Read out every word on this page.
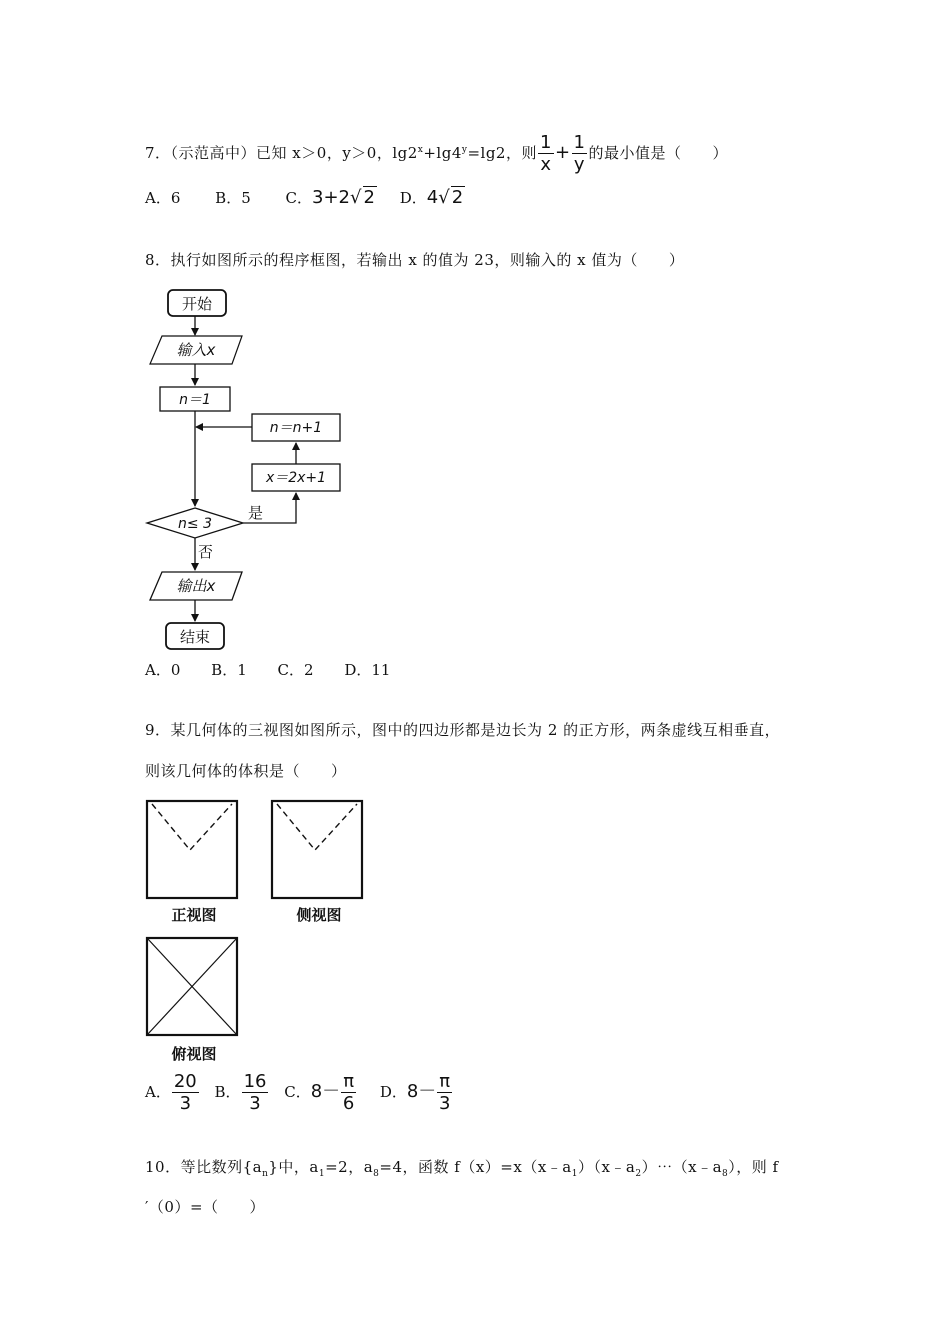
7．（示范高中）已知 x＞0，y＞0，$\lg 2^x+\lg 4^y=\lg 2$，则 $\frac{1}{x} + \frac{1}{y}$ 的最小值是（　　）
A．6 B．5 C．3+2√ 2 D．4√ 2
8．执行如图所示的程序框图，若输出 x 的值为 23，则输入的 x 值为（　　）
开始
输入x
n＝1
n＝n+1
x＝2x+1
n≤ 3
是
否
输出x
结束
A．0 B．1 C．2 D．11
9．某几何体的三视图如图所示，图中的四边形都是边长为 2 的正方形，两条虚线互相垂直，
则该几何体的体积是（　　）
正视图	侧视图
俯视图
A． $\frac{20}{3}$ B． $\frac{16}{3}$ C．$8- \frac{\pi}{6}$ D．$8- \frac{\pi}{3}$
10．等比数列$\{a_n\}$中，$a_1=2$，$a_8=4$，函数 $f(x)=x(x﹣a_1)(x﹣a_2)\cdots(x﹣a_8)$，则 f
′（0）=（　　）
